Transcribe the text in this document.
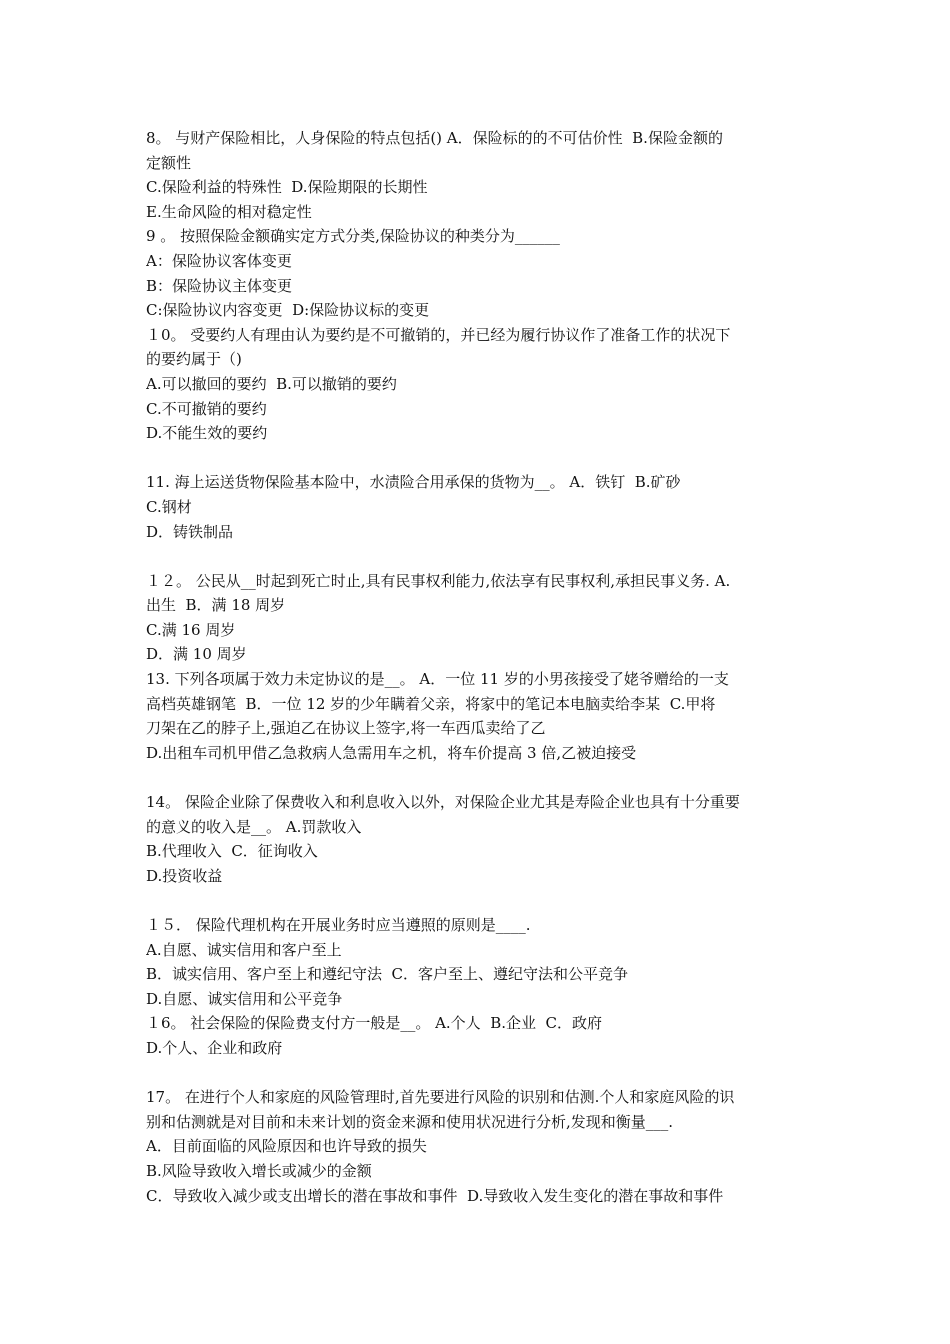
8。 与财产保险相比，人身保险的特点包括()​ A．保险标的的不可估价性 ​ B.保险金额的
定额性
C.保险利益的特殊性 ​ D.保险期限的长期性
E.生命风险的相对稳定性 ​
9 。 按照保险金额确实定方式分类,保险协议的种类分为______
A：保险协议客体变更
B：保险协议主体变更
C:保险协议内容变更 ​ D:保险协议标的变更 ​
１0。 受要约人有理由认为要约是不可撤销的，并已经为履行协议作了准备工作的状况下
的要约属于（)
A.可以撤回的要约 ​ B.可以撤销的要约
C.不可撤销的要约
D.不能生效的要约
11. 海上运送货物保险基本险中，水渍险合用承保的货物为__。​ A．铁钉 ​ B.矿砂 ​
C.钢材
D．铸铁制品
１２。 公民从__时起到死亡时止,具有民事权利能力,依法享有民事权利,承担民事义务.​ A.
出生 ​ B．满 18 周岁
C.满 16 周岁
D．满 10 周岁 ​
13. 下列各项属于效力未定协议的是__。​ A．一位 11 岁的小男孩接受了姥爷赠给的一支
高档英雄钢笔 ​ B．一位 12 岁的少年瞒着父亲，将家中的笔记本电脑卖给李某 ​ C.甲将
刀架在乙的脖子上,强迫乙在协议上签字,将一车西瓜卖给了乙
D.出租车司机甲借乙急救病人急需用车之机，将车价提高 3 倍,乙被迫接受
14。 保险企业除了保费收入和利息收入以外，对保险企业尤其是寿险企业也具有十分重要
的意义的收入是__。​ A.罚款收入
B.代理收入 ​ C．征询收入
D.投资收益
１５． 保险代理机构在开展业务时应当遵照的原则是____.
A.自愿、诚实信用和客户至上
B．诚实信用、客户至上和遵纪守法 ​ C．客户至上、遵纪守法和公平竞争
D.自愿、诚实信用和公平竞争 ​
１6。 社会保险的保险费支付方一般是__。​ A.个人 ​ B.企业 ​ C．政府
D.个人、企业和政府
17。 在进行个人和家庭的风险管理时,首先要进行风险的识别和估测.个人和家庭风险的识
别和估测就是对目前和未来计划的资金来源和使用状况进行分析,发现和衡量___.
A．目前面临的风险原因和也许导致的损失
B.风险导致收入增长或减少的金额
C．导致收入减少或支出增长的潜在事故和事件 ​ D.导致收入发生变化的潜在事故和事件
